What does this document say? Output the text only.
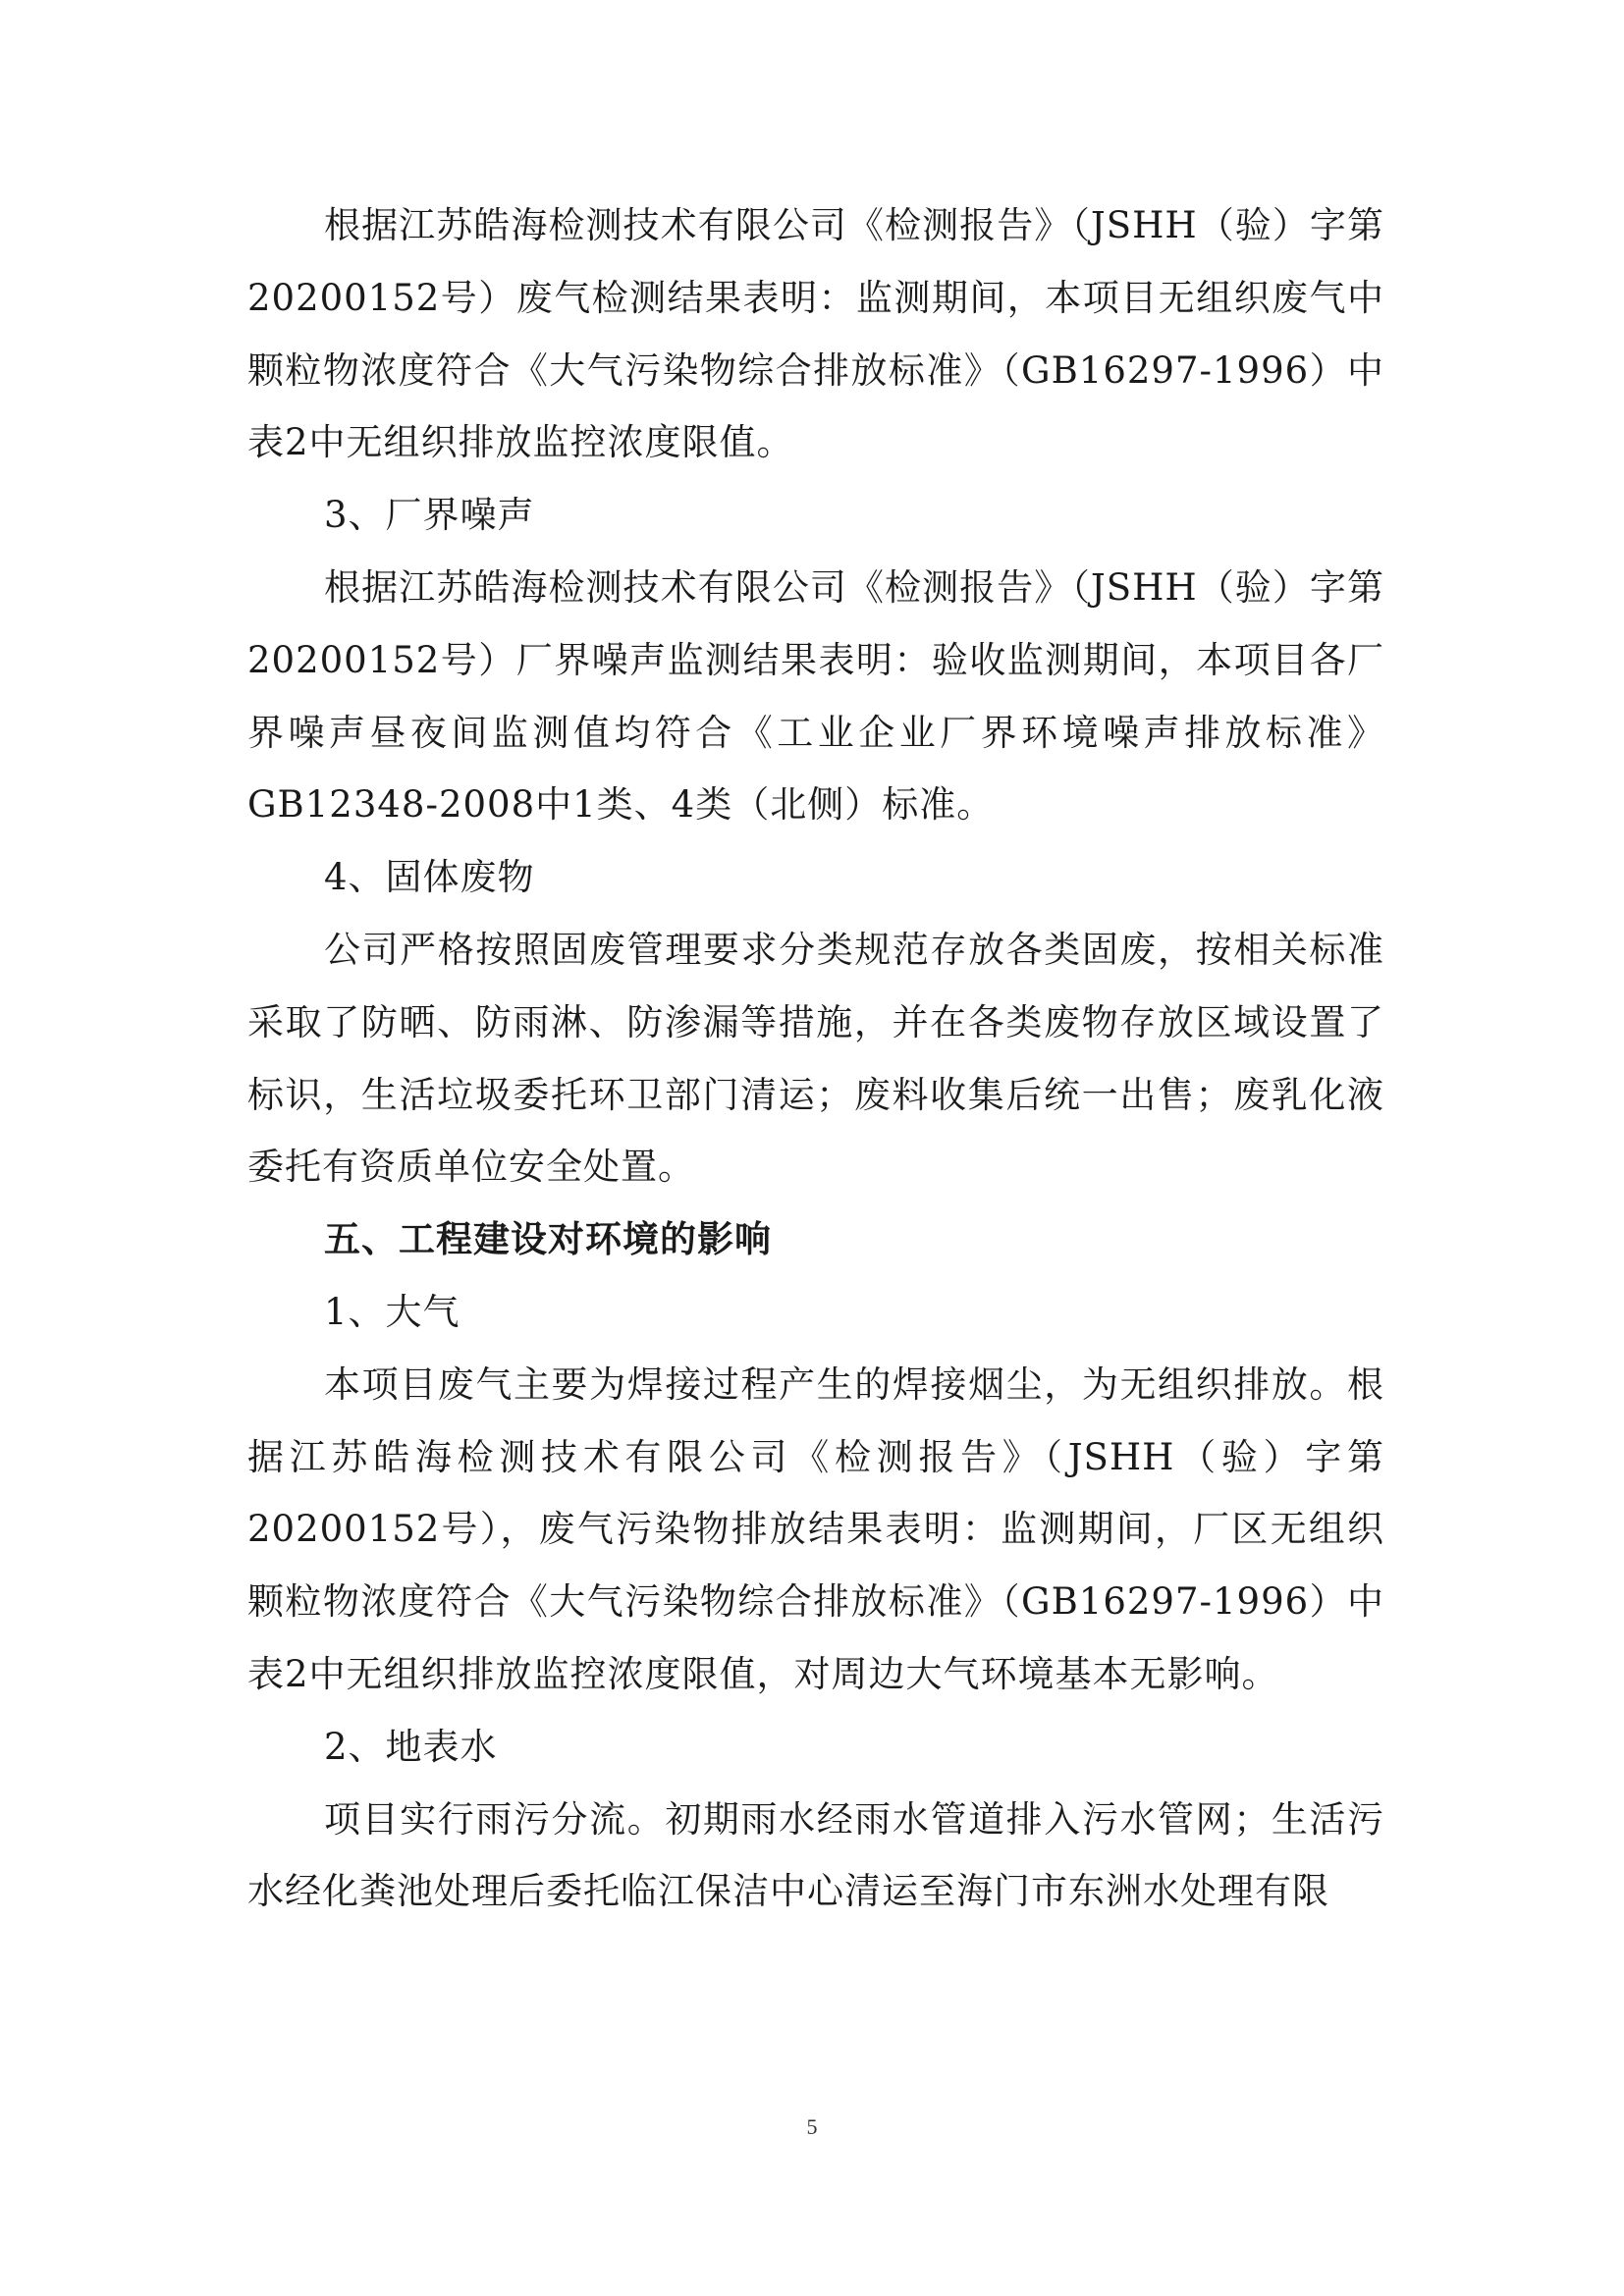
根据江苏皓海检测技术有限公司《检测报告》（JSHH（验）字第20200152号）废气检测结果表明：监测期间，本项目无组织废气中颗粒物浓度符合《大气污染物综合排放标准》（GB16297-1996）中表2中无组织排放监控浓度限值。

3、厂界噪声

根据江苏皓海检测技术有限公司《检测报告》（JSHH（验）字第20200152号）厂界噪声监测结果表明：验收监测期间，本项目各厂界噪声昼夜间监测值均符合《工业企业厂界环境噪声排放标准》GB12348-2008中1类、4类（北侧）标准。

4、固体废物

公司严格按照固废管理要求分类规范存放各类固废，按相关标准采取了防晒、防雨淋、防渗漏等措施，并在各类废物存放区域设置了标识，生活垃圾委托环卫部门清运；废料收集后统一出售；废乳化液委托有资质单位安全处置。

五、工程建设对环境的影响

1、大气

本项目废气主要为焊接过程产生的焊接烟尘，为无组织排放。根据江苏皓海检测技术有限公司《检测报告》（JSHH（验）字第20200152号），废气污染物排放结果表明：监测期间，厂区无组织颗粒物浓度符合《大气污染物综合排放标准》（GB16297-1996）中表2中无组织排放监控浓度限值，对周边大气环境基本无影响。

2、地表水

项目实行雨污分流。初期雨水经雨水管道排入污水管网；生活污水经化粪池处理后委托临江保洁中心清运至海门市东洲水处理有限

5
